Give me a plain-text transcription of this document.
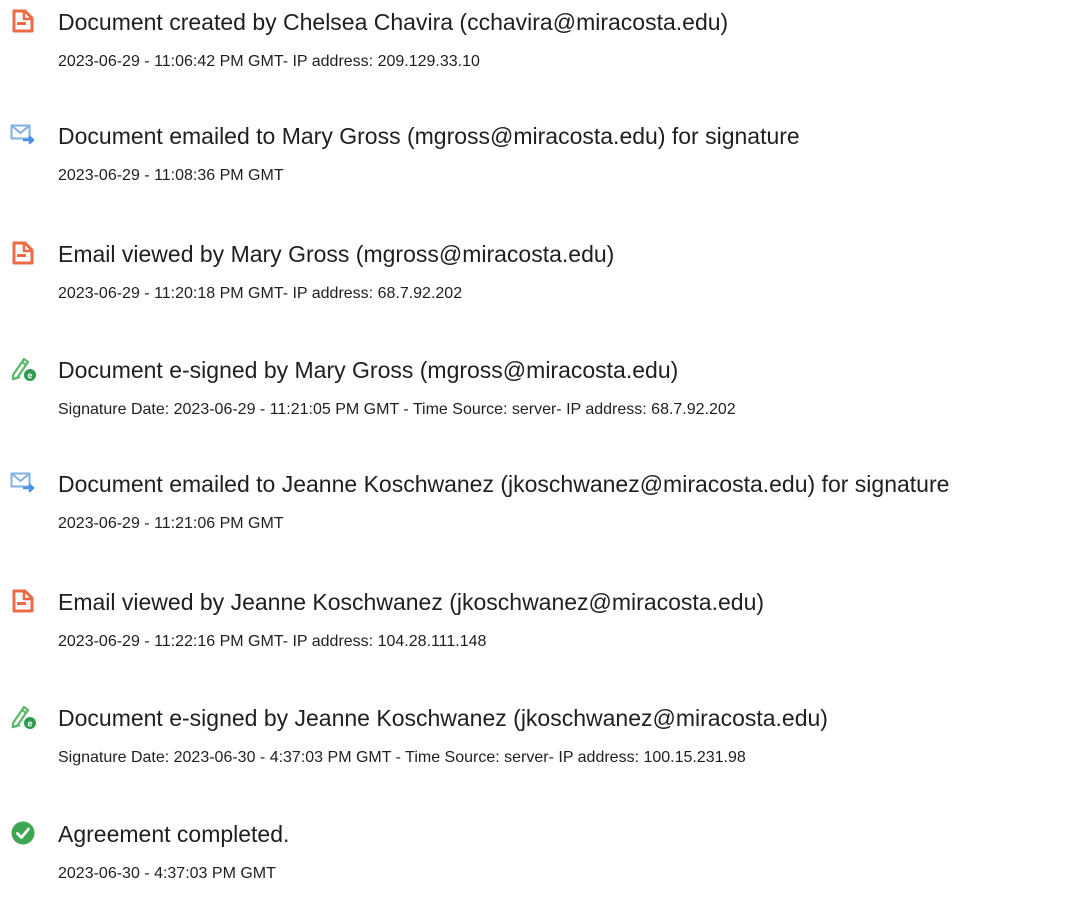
Document created by Chelsea Chavira (cchavira@miracosta.edu)
2023-06-29 - 11:06:42 PM GMT- IP address: 209.129.33.10
Document emailed to Mary Gross (mgross@miracosta.edu) for signature
2023-06-29 - 11:08:36 PM GMT
Email viewed by Mary Gross (mgross@miracosta.edu)
2023-06-29 - 11:20:18 PM GMT- IP address: 68.7.92.202
e Document e-signed by Mary Gross (mgross@miracosta.edu)
Signature Date: 2023-06-29 - 11:21:05 PM GMT - Time Source: server- IP address: 68.7.92.202
Document emailed to Jeanne Koschwanez (jkoschwanez@miracosta.edu) for signature
2023-06-29 - 11:21:06 PM GMT
Email viewed by Jeanne Koschwanez (jkoschwanez@miracosta.edu)
2023-06-29 - 11:22:16 PM GMT- IP address: 104.28.111.148
e Document e-signed by Jeanne Koschwanez (jkoschwanez@miracosta.edu)
Signature Date: 2023-06-30 - 4:37:03 PM GMT - Time Source: server- IP address: 100.15.231.98
Agreement completed.
2023-06-30 - 4:37:03 PM GMT
